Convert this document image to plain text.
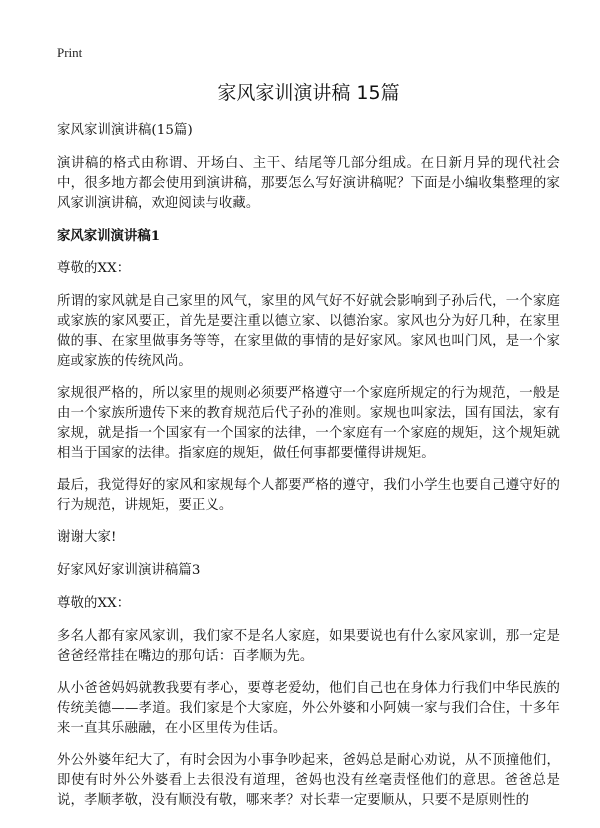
Print
家风家训演讲稿 15篇

家风家训演讲稿(15篇)

演讲稿的格式由称谓、开场白、主干、结尾等几部分组成。在日新月异的现代社会中，很多地方都会使用到演讲稿，那要怎么写好演讲稿呢？下面是小编收集整理的家风家训演讲稿，欢迎阅读与收藏。

家风家训演讲稿1

尊敬的XX：

所谓的家风就是自己家里的风气，家里的风气好不好就会影响到子孙后代，一个家庭或家族的家风要正，首先是要注重以德立家、以德治家。家风也分为好几种，在家里做的事、在家里做事务等等，在家里做的事情的是好家风。家风也叫门风，是一个家庭或家族的传统风尚。

家规很严格的，所以家里的规则必须要严格遵守一个家庭所规定的行为规范，一般是由一个家族所遗传下来的教育规范后代子孙的准则。家规也叫家法，国有国法，家有家规，就是指一个国家有一个国家的法律，一个家庭有一个家庭的规矩，这个规矩就相当于国家的法律。指家庭的规矩，做任何事都要懂得讲规矩。

最后，我觉得好的家风和家规每个人都要严格的遵守，我们小学生也要自己遵守好的行为规范，讲规矩，要正义。

谢谢大家!

好家风好家训演讲稿篇3

尊敬的XX：

多名人都有家风家训，我们家不是名人家庭，如果要说也有什么家风家训，那一定是爸爸经常挂在嘴边的那句话：百孝顺为先。

从小爸爸妈妈就教我要有孝心，要尊老爱幼，他们自己也在身体力行我们中华民族的传统美德——孝道。我们家是个大家庭，外公外婆和小阿姨一家与我们合住，十多年来一直其乐融融，在小区里传为佳话。

外公外婆年纪大了，有时会因为小事争吵起来，爸妈总是耐心劝说，从不顶撞他们，即使有时外公外婆看上去很没有道理，爸妈也没有丝毫责怪他们的意思。爸爸总是说，孝顺孝敬，没有顺没有敬，哪来孝？对长辈一定要顺从，只要不是原则性的
